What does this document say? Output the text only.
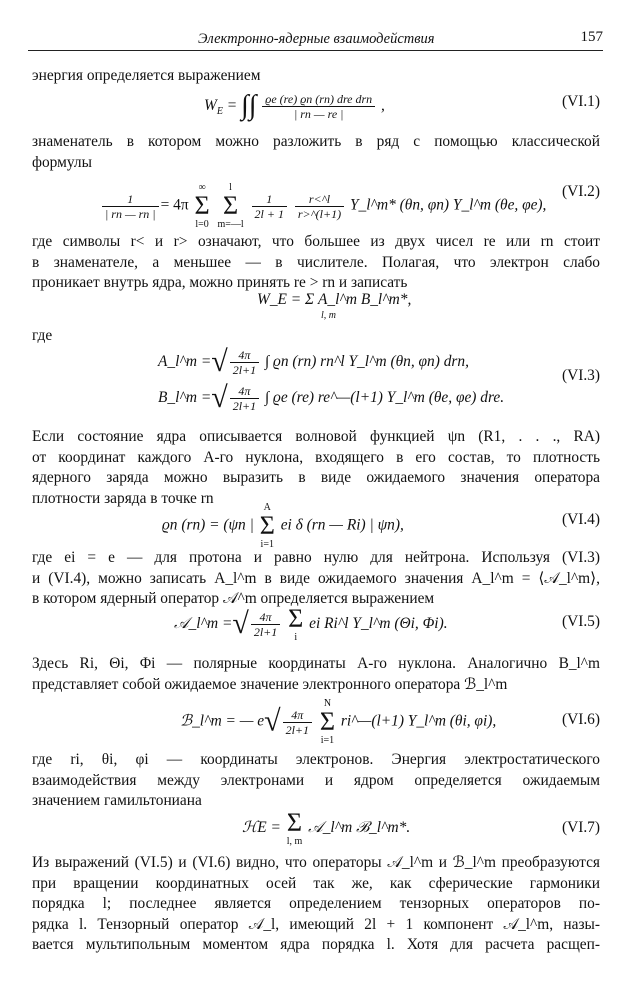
Электронно-ядерные взаимодействия	157
энергия определяется выражением
$W_E$ = ∫∫ $\frac{\text{ϱe (re) ϱn (rn) dre drn}}{| rn — re |}$ ,	(VI.1)
знаменатель в котором можно разложить в ряд с помощью классической
формулы
$\frac{1}{| rn — rn |} = 4\pi$ ∞
Σ
l=0 l
Σ
m=—l
$\frac{1}{2l + 1}$
$\frac{r<\^{}l}{r>\^{}(l+1)}$ Y_l^m* (θn, φn) Y_l^m (θe, φe),
(VI.2)
где символы r< и r> означают, что большее из двух чисел re или rn стоит
в знаменателе, а меньшее — в числителе. Полагая, что электрон слабо
проникает внутрь ядра, можно принять re > rn и записать
W_E = Σ A_l^m B_l^m*,
l, m
где
A_l^m =√ $\frac{4\pi}{2l+1}$ ∫ ϱn (rn) rn^l Y_l^m (θn, φn) drn,
B_l^m =√ $\frac{4\pi}{2l+1}$ ∫ ϱe (re) re^—(l+1) Y_l^m (θe, φe) dre.
(VI.3)
Если состояние ядра описывается волновой функцией ψn (R1, . . ., RA)
от координат каждого A-го нуклона, входящего в его состав, то плотность
ядерного заряда можно выразить в виде ожидаемого значения оператора
плотности заряда в точке rn
ϱn (rn) = (ψn | A
Σ
i=1 ei δ (rn — Ri) | ψn),	(VI.4)
где ei = e — для протона и равно нулю для нейтрона. Используя (VI.3)
и (VI.4), можно записать A_l^m в виде ожидаемого значения A_l^m = ⟨𝒜_l^m⟩,
в котором ядерный оператор 𝒜^m определяется выражением
𝒜_l^m =√ $\frac{4\pi}{2l+1}$
Σ
i ei Ri^l Y_l^m (Θi, Φi).	(VI.5)
Здесь Ri, Θi, Φi — полярные координаты A-го нуклона. Аналогично B_l^m
представляет собой ожидаемое значение электронного оператора ℬ_l^m
ℬ_l^m = — $e√ \frac{4\pi}{2l+1}$
N
Σ
i=1 ri^—(l+1) Y_l^m (θi, φi),	(VI.6)
где ri, θi, φi — координаты электронов. Энергия электростатического
взаимодействия между электронами и ядром определяется ожидаемым
значением гамильтониана
ℋE = Σ
l, m 𝒜_l^m ℬ_l^m*.	(VI.7)
Из выражений (VI.5) и (VI.6) видно, что операторы 𝒜_l^m и ℬ_l^m преобразуются
при вращении координатных осей так же, как сферические гармоники
порядка l; последнее является определением тензорных операторов по-
рядка l. Тензорный оператор 𝒜_l, имеющий 2l + 1 компонент 𝒜_l^m, назы-
вается мультипольным моментом ядра порядка l. Хотя для расчета расщеп-
